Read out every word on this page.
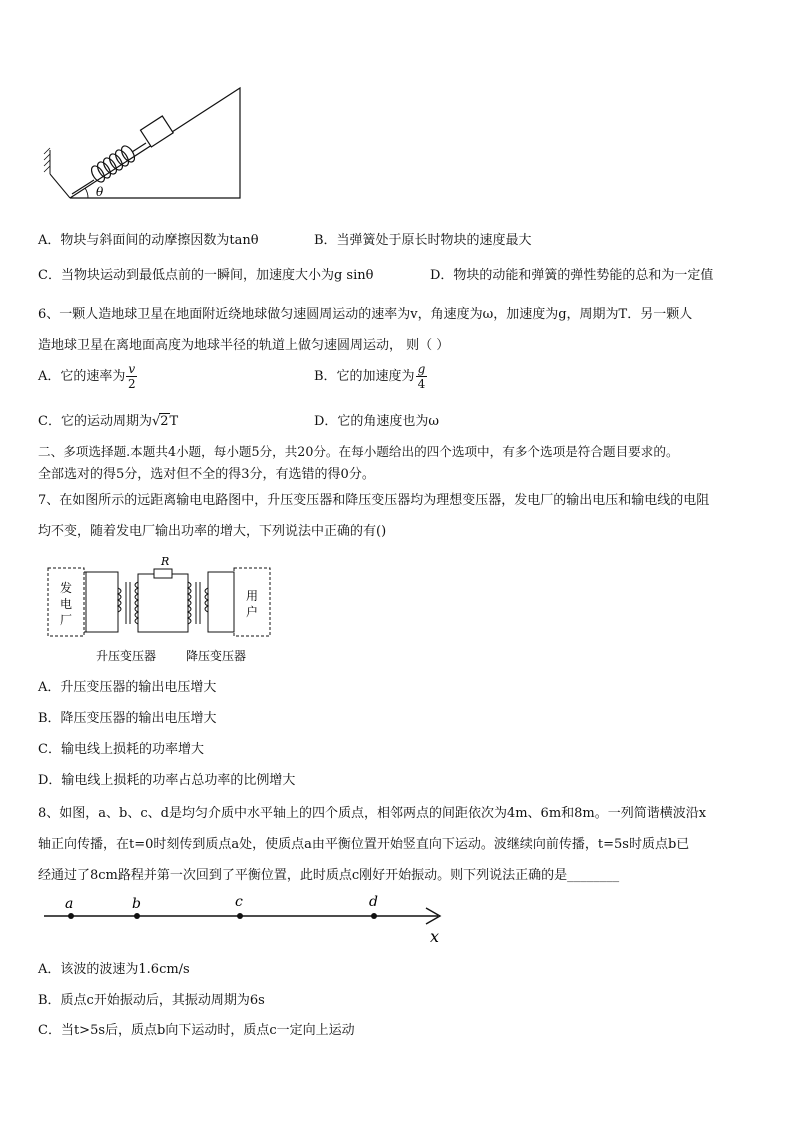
θ
A．物块与斜面间的动摩擦因数为tanθ	B．当弹簧处于原长时物块的速度最大
C．当物块运动到最低点前的一瞬间，加速度大小为g sinθ	D．物块的动能和弹簧的弹性势能的总和为一定值
6、一颗人造地球卫星在地面附近绕地球做匀速圆周运动的速率为v，角速度为ω，加速度为g，周期为T．另一颗人
造地球卫星在离地面高度为地球半径的轨道上做匀速圆周运动， 则（ ）
A．它的速率为 $\frac{v}{2}$	B．它的加速度为 $\frac{g}{4}$
C．它的运动周期为√2T	D．它的角速度也为ω
二、多项选择题.本题共4小题，每小题5分，共20分。在每小题给出的四个选项中，有多个选项是符合题目要求的。
全部选对的得5分，选对但不全的得3分，有选错的得0分。
7、在如图所示的远距离输电电路图中，升压变压器和降压变压器均为理想变压器，发电厂的输出电压和输电线的电阻
均不变，随着发电厂输出功率的增大，下列说法中正确的有()
R
发
电
厂
用
户
升压变压器 降压变压器
A．升压变压器的输出电压增大
B．降压变压器的输出电压增大
C．输电线上损耗的功率增大
D．输电线上损耗的功率占总功率的比例增大
8、如图，a、b、c、d是均匀介质中水平轴上的四个质点，相邻两点的间距依次为4m、6m和8m。一列简谐横波沿x
轴正向传播，在t=0时刻传到质点a处，使质点a由平衡位置开始竖直向下运动。波继续向前传播，t=5s时质点b已
经通过了8cm路程并第一次回到了平衡位置，此时质点c刚好开始振动。则下列说法正确的是________
a	b	c	d
x
A．该波的波速为1.6cm/s
B．质点c开始振动后，其振动周期为6s
C．当t>5s后，质点b向下运动时，质点c一定向上运动
